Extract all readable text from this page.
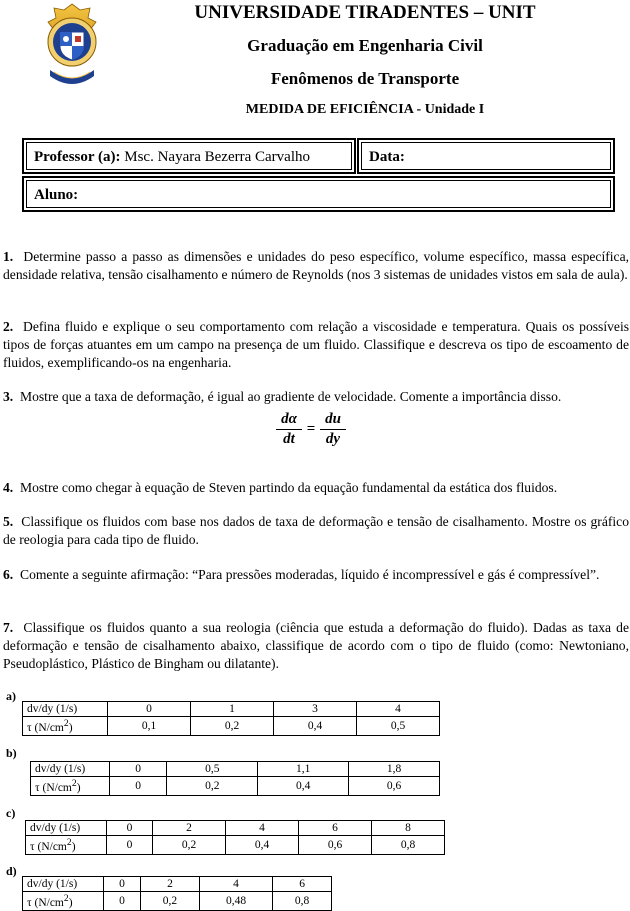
UNIVERSIDADE TIRADENTES – UNIT
Graduação em Engenharia Civil
Fenômenos de Transporte
MEDIDA DE EFICIÊNCIA - Unidade I
Professor (a): Msc. Nayara Bezerra Carvalho	Data:
Aluno:
1. Determine passo a passo as dimensões e unidades do peso específico, volume específico, massa específica, densidade relativa, tensão cisalhamento e número de Reynolds (nos 3 sistemas de unidades vistos em sala de aula).
2. Defina fluido e explique o seu comportamento com relação a viscosidade e temperatura. Quais os possíveis tipos de forças atuantes em um campo na presença de um fluido. Classifique e descreva os tipo de escoamento de fluidos, exemplificando-os na engenharia.
3. Mostre que a taxa de deformação, é igual ao gradiente de velocidade. Comente a importância disso.
dα
dt
=
du
dy
4. Mostre como chegar à equação de Steven partindo da equação fundamental da estática dos fluidos.
5. Classifique os fluidos com base nos dados de taxa de deformação e tensão de cisalhamento. Mostre os gráfico de reologia para cada tipo de fluido.
6. Comente a seguinte afirmação: “Para pressões moderadas, líquido é incompressível e gás é compressível”.
7. Classifique os fluidos quanto a sua reologia (ciência que estuda a deformação do fluido). Dadas as taxa de deformação e tensão de cisalhamento abaixo, classifique de acordo com o tipo de fluido (como: Newtoniano, Pseudoplástico, Plástico de Bingham ou dilatante).
a)
dv/dy (1/s)	0	1	3	4
τ $(N/cm^2)$	0,1	0,2	0,4	0,5
b)
dv/dy (1/s)	0	0,5	1,1	1,8
τ $(N/cm^2)$	0	0,2	0,4	0,6
c)
dv/dy (1/s)	0	2	4	6	8
τ $(N/cm^2)$	0	0,2	0,4	0,6	0,8
d)
dv/dy (1/s)	0	2	4	6
τ $(N/cm^2)$	0	0,2	0,48	0,8
